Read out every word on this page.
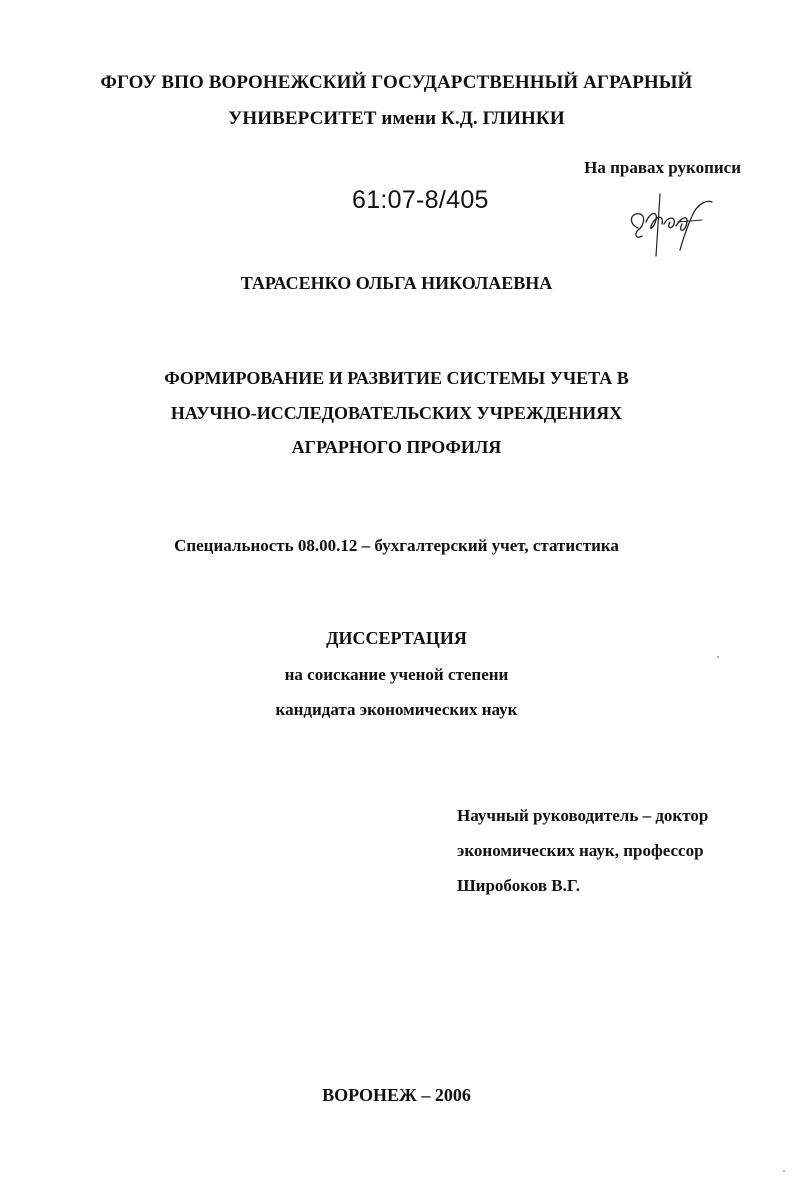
ФГОУ ВПО ВОРОНЕЖСКИЙ ГОСУДАРСТВЕННЫЙ АГРАРНЫЙ
УНИВЕРСИТЕТ имени К.Д. ГЛИНКИ
На правах рукописи
61:07-8/405
ТАРАСЕНКО ОЛЬГА НИКОЛАЕВНА
ФОРМИРОВАНИЕ И РАЗВИТИЕ СИСТЕМЫ УЧЕТА В
НАУЧНО-ИССЛЕДОВАТЕЛЬСКИХ УЧРЕЖДЕНИЯХ
АГРАРНОГО ПРОФИЛЯ
Специальность 08.00.12 – бухгалтерский учет, статистика
ДИССЕРТАЦИЯ
на соискание ученой степени
кандидата экономических наук
Научный руководитель – доктор
экономических наук, профессор
Широбоков В.Г.
ВОРОНЕЖ – 2006
